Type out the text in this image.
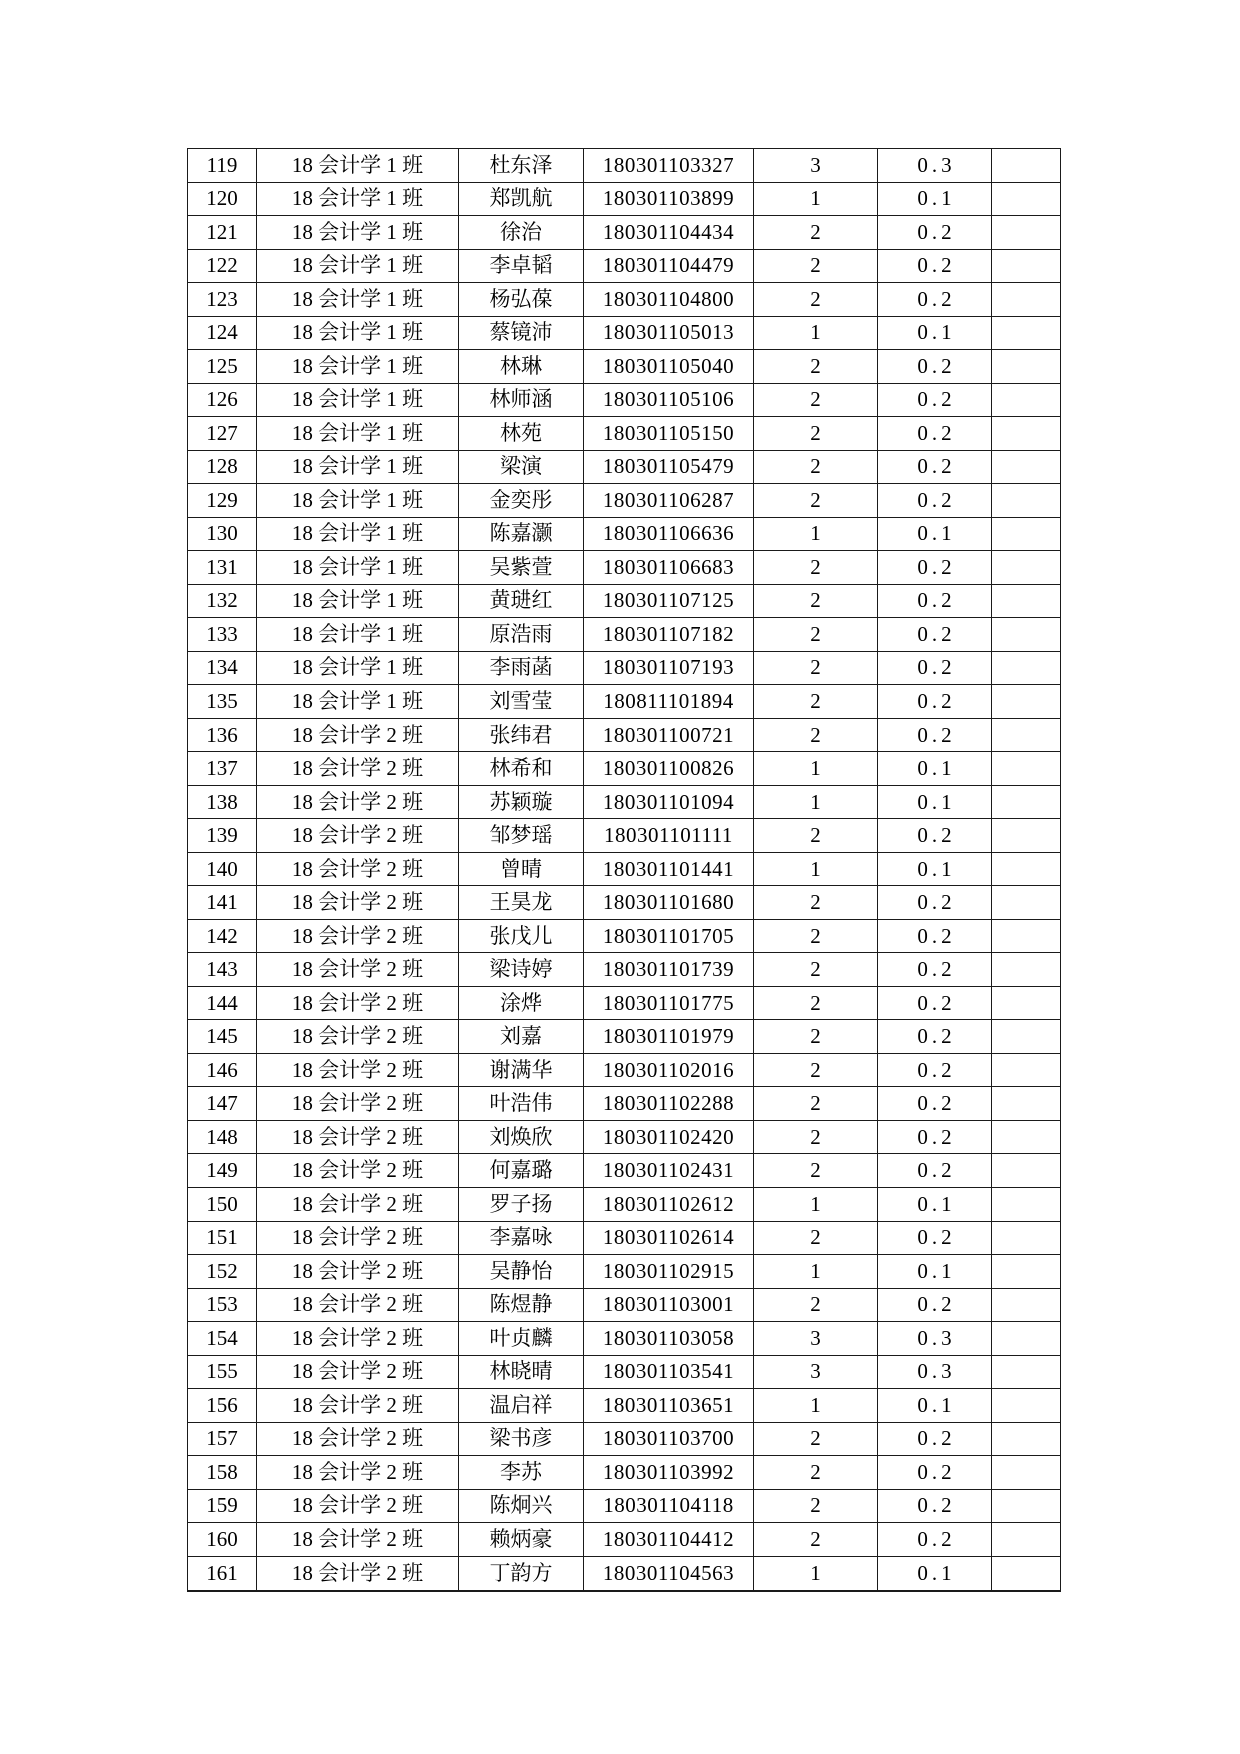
119	18 会计学 1 班	杜东泽	180301103327	3	0.3	
120	18 会计学 1 班	郑凯航	180301103899	1	0.1	
121	18 会计学 1 班	徐治	180301104434	2	0.2	
122	18 会计学 1 班	李卓韬	180301104479	2	0.2	
123	18 会计学 1 班	杨弘葆	180301104800	2	0.2	
124	18 会计学 1 班	蔡镜沛	180301105013	1	0.1	
125	18 会计学 1 班	林琳	180301105040	2	0.2	
126	18 会计学 1 班	林师涵	180301105106	2	0.2	
127	18 会计学 1 班	林苑	180301105150	2	0.2	
128	18 会计学 1 班	梁演	180301105479	2	0.2	
129	18 会计学 1 班	金奕彤	180301106287	2	0.2	
130	18 会计学 1 班	陈嘉灏	180301106636	1	0.1	
131	18 会计学 1 班	吴紫萱	180301106683	2	0.2	
132	18 会计学 1 班	黄琎红	180301107125	2	0.2	
133	18 会计学 1 班	原浩雨	180301107182	2	0.2	
134	18 会计学 1 班	李雨菡	180301107193	2	0.2	
135	18 会计学 1 班	刘雪莹	180811101894	2	0.2	
136	18 会计学 2 班	张纬君	180301100721	2	0.2	
137	18 会计学 2 班	林希和	180301100826	1	0.1	
138	18 会计学 2 班	苏颖璇	180301101094	1	0.1	
139	18 会计学 2 班	邹梦瑶	180301101111	2	0.2	
140	18 会计学 2 班	曾晴	180301101441	1	0.1	
141	18 会计学 2 班	王昊龙	180301101680	2	0.2	
142	18 会计学 2 班	张戊儿	180301101705	2	0.2	
143	18 会计学 2 班	梁诗婷	180301101739	2	0.2	
144	18 会计学 2 班	涂烨	180301101775	2	0.2	
145	18 会计学 2 班	刘嘉	180301101979	2	0.2	
146	18 会计学 2 班	谢满华	180301102016	2	0.2	
147	18 会计学 2 班	叶浩伟	180301102288	2	0.2	
148	18 会计学 2 班	刘焕欣	180301102420	2	0.2	
149	18 会计学 2 班	何嘉璐	180301102431	2	0.2	
150	18 会计学 2 班	罗子扬	180301102612	1	0.1	
151	18 会计学 2 班	李嘉咏	180301102614	2	0.2	
152	18 会计学 2 班	吴静怡	180301102915	1	0.1	
153	18 会计学 2 班	陈煜静	180301103001	2	0.2	
154	18 会计学 2 班	叶贞麟	180301103058	3	0.3	
155	18 会计学 2 班	林晓晴	180301103541	3	0.3	
156	18 会计学 2 班	温启祥	180301103651	1	0.1	
157	18 会计学 2 班	梁书彦	180301103700	2	0.2	
158	18 会计学 2 班	李苏	180301103992	2	0.2	
159	18 会计学 2 班	陈炯兴	180301104118	2	0.2	
160	18 会计学 2 班	赖炳豪	180301104412	2	0.2	
161	18 会计学 2 班	丁韵方	180301104563	1	0.1	
